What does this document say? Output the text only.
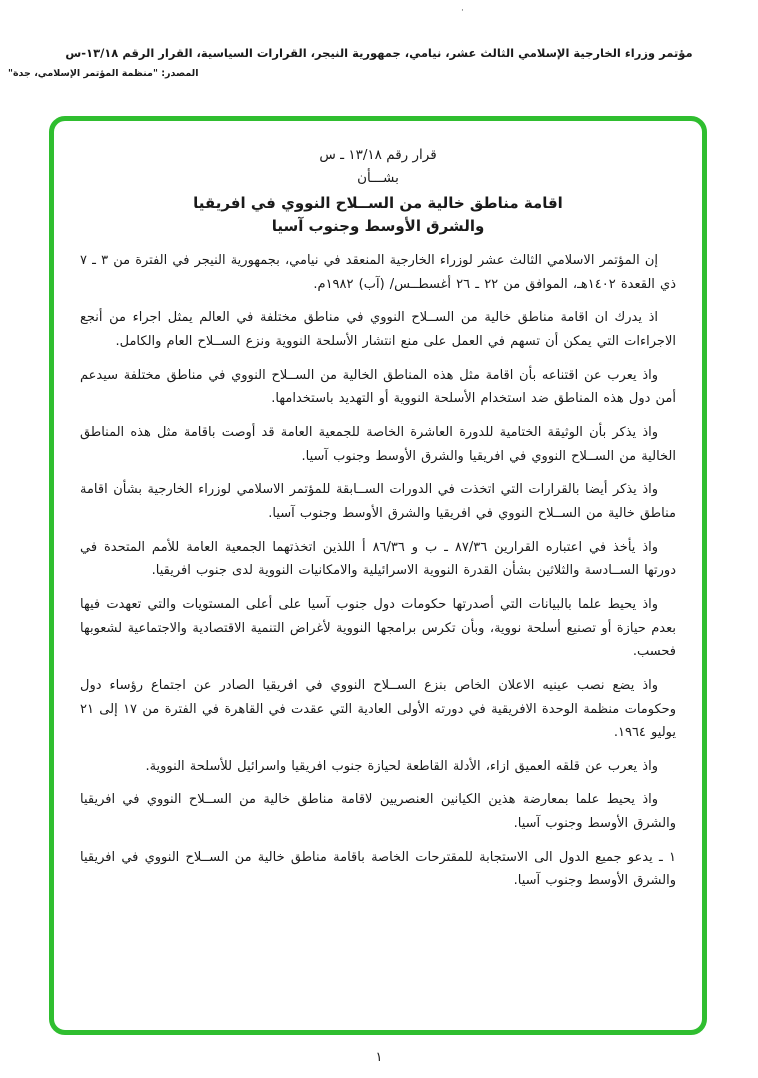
·
مؤتمر وزراء الخارجية الإسلامي الثالث عشر، نيامي، جمهورية النيجر، القرارات السياسية، القرار الرقم ١٣/١٨-س
المصدر: "منظمة المؤتمر الإسلامي، جدة"
قرار رقم ١٣/١٨ ـ س
بشـــأن
اقامة مناطق خالية من الســلاح النووي في افريقيا
والشرق الأوسط وجنوب آسيا

إن المؤتمر الاسلامي الثالث عشر لوزراء الخارجية المنعقد في نيامي، بجمهورية النيجر في الفترة من ٣ ـ ٧ ذي القعدة ١٤٠٢هـ، الموافق من ٢٢ ـ ٢٦ أغسطــس/ (آب) ١٩٨٢م.

اذ يدرك ان اقامة مناطق خالية من الســلاح النووي في مناطق مختلفة في العالم يمثل اجراء من أنجع الاجراءات التي يمكن أن تسهم في العمل على منع انتشار الأسلحة النووية ونزع الســلاح العام والكامل.

واذ يعرب عن اقتناعه بأن اقامة مثل هذه المناطق الخالية من الســلاح النووي في مناطق مختلفة سيدعم أمن دول هذه المناطق ضد استخدام الأسلحة النووية أو التهديد باستخدامها.

واذ يذكر بأن الوثيقة الختامية للدورة العاشرة الخاصة للجمعية العامة قد أوصت باقامة مثل هذه المناطق الخالية من الســلاح النووي في افريقيا والشرق الأوسط وجنوب آسيا.

واذ يذكر أيضا بالقرارات التي اتخذت في الدورات الســابقة للمؤتمر الاسلامي لوزراء الخارجية بشأن اقامة مناطق خالية من الســلاح النووي في افريقيا والشرق الأوسط وجنوب آسيا.

واذ يأخذ في اعتباره القرارين ٨٧/٣٦ ـ ب و ٨٦/٣٦ أ اللذين اتخذتهما الجمعية العامة للأمم المتحدة في دورتها الســادسة والثلاثين بشأن القدرة النووية الاسرائيلية والامكانيات النووية لدى جنوب افريقيا.

واذ يحيط علما بالبيانات التي أصدرتها حكومات دول جنوب آسيا على أعلى المستويات والتي تعهدت فيها بعدم حيازة أو تصنيع أسلحة نووية، وبأن تكرس برامجها النووية لأغراض التنمية الاقتصادية والاجتماعية لشعوبها فحسب.

واذ يضع نصب عينيه الاعلان الخاص بنزع الســلاح النووي في افريقيا الصادر عن اجتماع رؤساء دول وحكومات منظمة الوحدة الافريقية في دورته الأولى العادية التي عقدت في القاهرة في الفترة من ١٧ إلى ٢١ يوليو ١٩٦٤.

واذ يعرب عن قلقه العميق ازاء، الأدلة القاطعة لحيازة جنوب افريقيا واسرائيل للأسلحة النووية.

واذ يحيط علما بمعارضة هذين الكيانين العنصريين لاقامة مناطق خالية من الســلاح النووي في افريقيا والشرق الأوسط وجنوب آسيا.

١ ـ يدعو جميع الدول الى الاستجابة للمقترحات الخاصة باقامة مناطق خالية من الســلاح النووي في افريقيا والشرق الأوسط وجنوب آسيا.

١
